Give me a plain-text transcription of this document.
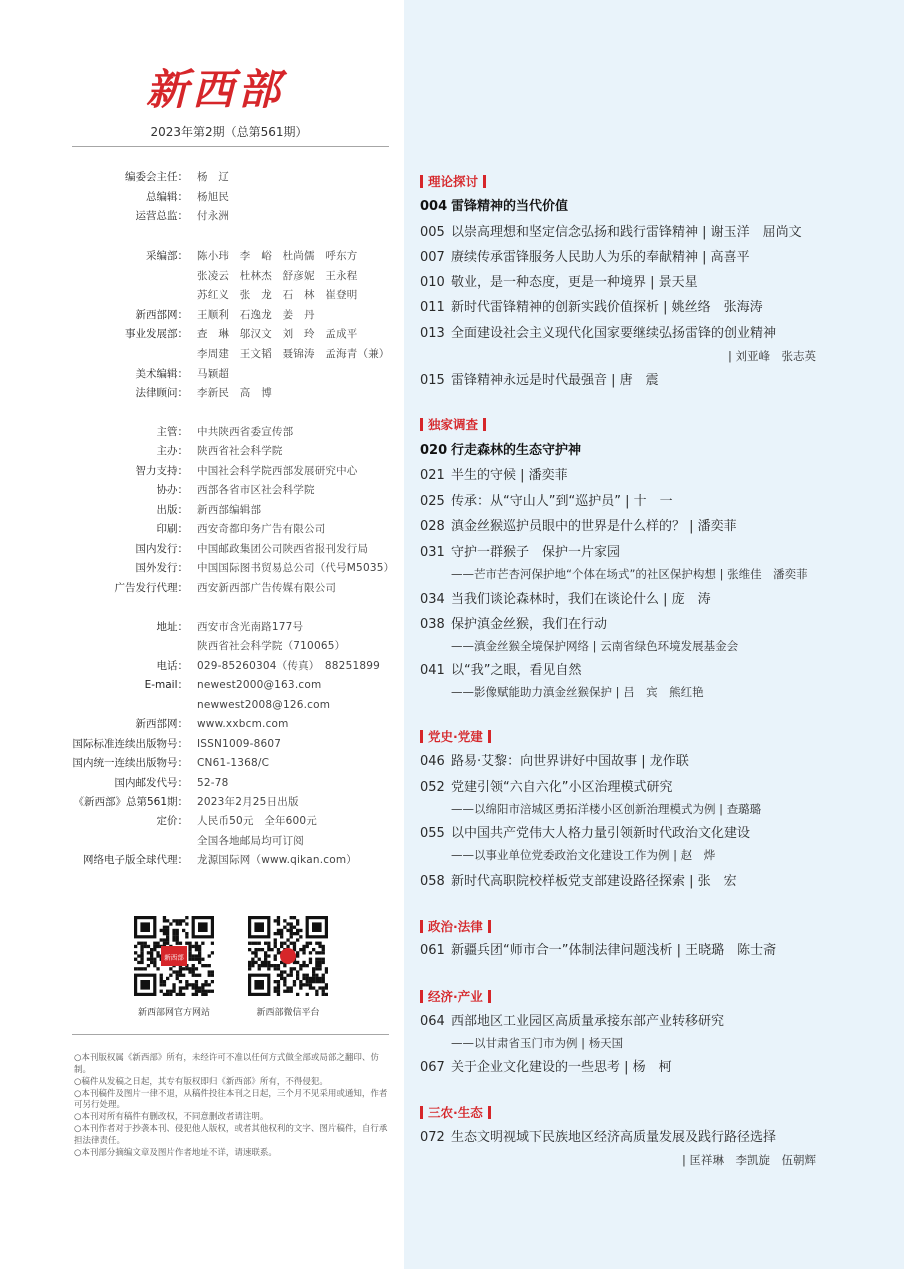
新西部
2023年第2期（总第561期）
编委会主任： 杨　辽
总编辑： 杨旭民
运营总监： 付永洲
采编部： 陈小玮　李　峪　杜尚儒　呼东方
张凌云　杜林杰　舒彦妮　王永程
苏红义　张　龙　石　林　崔登明
新西部网： 王顺利　石逸龙　姜　丹
事业发展部： 查　琳　邬汉文　刘　玲　孟成平
李周建　王文韬　聂锦涛　孟海青（兼）
美术编辑： 马颖超
法律顾问： 李新民　高　博
主管： 中共陕西省委宣传部
主办： 陕西省社会科学院
智力支持： 中国社会科学院西部发展研究中心
协办： 西部各省市区社会科学院
出版： 新西部编辑部
印刷： 西安奇都印务广告有限公司
国内发行： 中国邮政集团公司陕西省报刊发行局
国外发行： 中国国际图书贸易总公司（代号M5035）
广告发行代理： 西安新西部广告传媒有限公司
地址： 西安市含光南路177号
陕西省社会科学院（710065）
电话： 029-85260304（传真）　88251899
E-mail： newest2000@163.com
newwest2008@126.com
新西部网： www.xxbcm.com
国际标准连续出版物号： ISSN1009-8607
国内统一连续出版物号： CN61-1368/C
国内邮发代号： 52-78
《新西部》总第561期： 2023年2月25日出版
定价： 人民币50元　全年600元
全国各地邮局均可订阅
网络电子版全球代理： 龙源国际网（www.qikan.com）
新西部
新西部网官方网站	新西部微信平台

○本刊版权属《新西部》所有，未经许可不准以任何方式做全部或局部之翻印、仿制。

○稿件从发稿之日起，其专有版权即归《新西部》所有，不得侵犯。

○本刊稿件及图片一律不退，从稿件投往本刊之日起，三个月不见采用或通知，作者可另行处理。

○本刊对所有稿件有删改权，不同意删改者请注明。

○本刊作者对于抄袭本刊、侵犯他人版权，或者其他权利的文字、图片稿件，自行承担法律责任。

○本刊部分摘编文章及图片作者地址不详，请速联系。

理论探讨
004 雷锋精神的当代价值
005 以崇高理想和坚定信念弘扬和践行雷锋精神 | 谢玉洋　屈尚文
007 赓续传承雷锋服务人民助人为乐的奉献精神 | 高喜平
010 敬业，是一种态度，更是一种境界 | 景天星
011 新时代雷锋精神的创新实践价值探析 | 姚丝络　张海涛
013 全面建设社会主义现代化国家要继续弘扬雷锋的创业精神
| 刘亚峰　张志英
015 雷锋精神永远是时代最强音 | 唐　震
独家调查
020 行走森林的生态守护神
021 半生的守候 | 潘奕菲
025 传承：从“守山人”到“巡护员” | 十　一
028 滇金丝猴巡护员眼中的世界是什么样的？ | 潘奕菲
031 守护一群猴子　保护一片家园
——芒市芒杏河保护地“个体在场式”的社区保护构想 | 张维佳　潘奕菲
034 当我们谈论森林时，我们在谈论什么 | 庞　涛
038 保护滇金丝猴，我们在行动
——滇金丝猴全境保护网络 | 云南省绿色环境发展基金会
041 以“我”之眼，看见自然
——影像赋能助力滇金丝猴保护 | 吕　宾　熊红艳
党史·党建
046 路易·艾黎：向世界讲好中国故事 | 龙作联
052 党建引领“六自六化”小区治理模式研究
——以绵阳市涪城区勇拓洋楼小区创新治理模式为例 | 查璐璐
055 以中国共产党伟大人格力量引领新时代政治文化建设
——以事业单位党委政治文化建设工作为例 | 赵　烨
058 新时代高职院校样板党支部建设路径探索 | 张　宏
政治·法律
061 新疆兵团“师市合一”体制法律问题浅析 | 王晓璐　陈士斋
经济·产业
064 西部地区工业园区高质量承接东部产业转移研究
——以甘肃省玉门市为例 | 杨天国
067 关于企业文化建设的一些思考 | 杨　柯
三农·生态
072 生态文明视域下民族地区经济高质量发展及践行路径选择
| 匡祥琳　李凯旋　伍朝辉
